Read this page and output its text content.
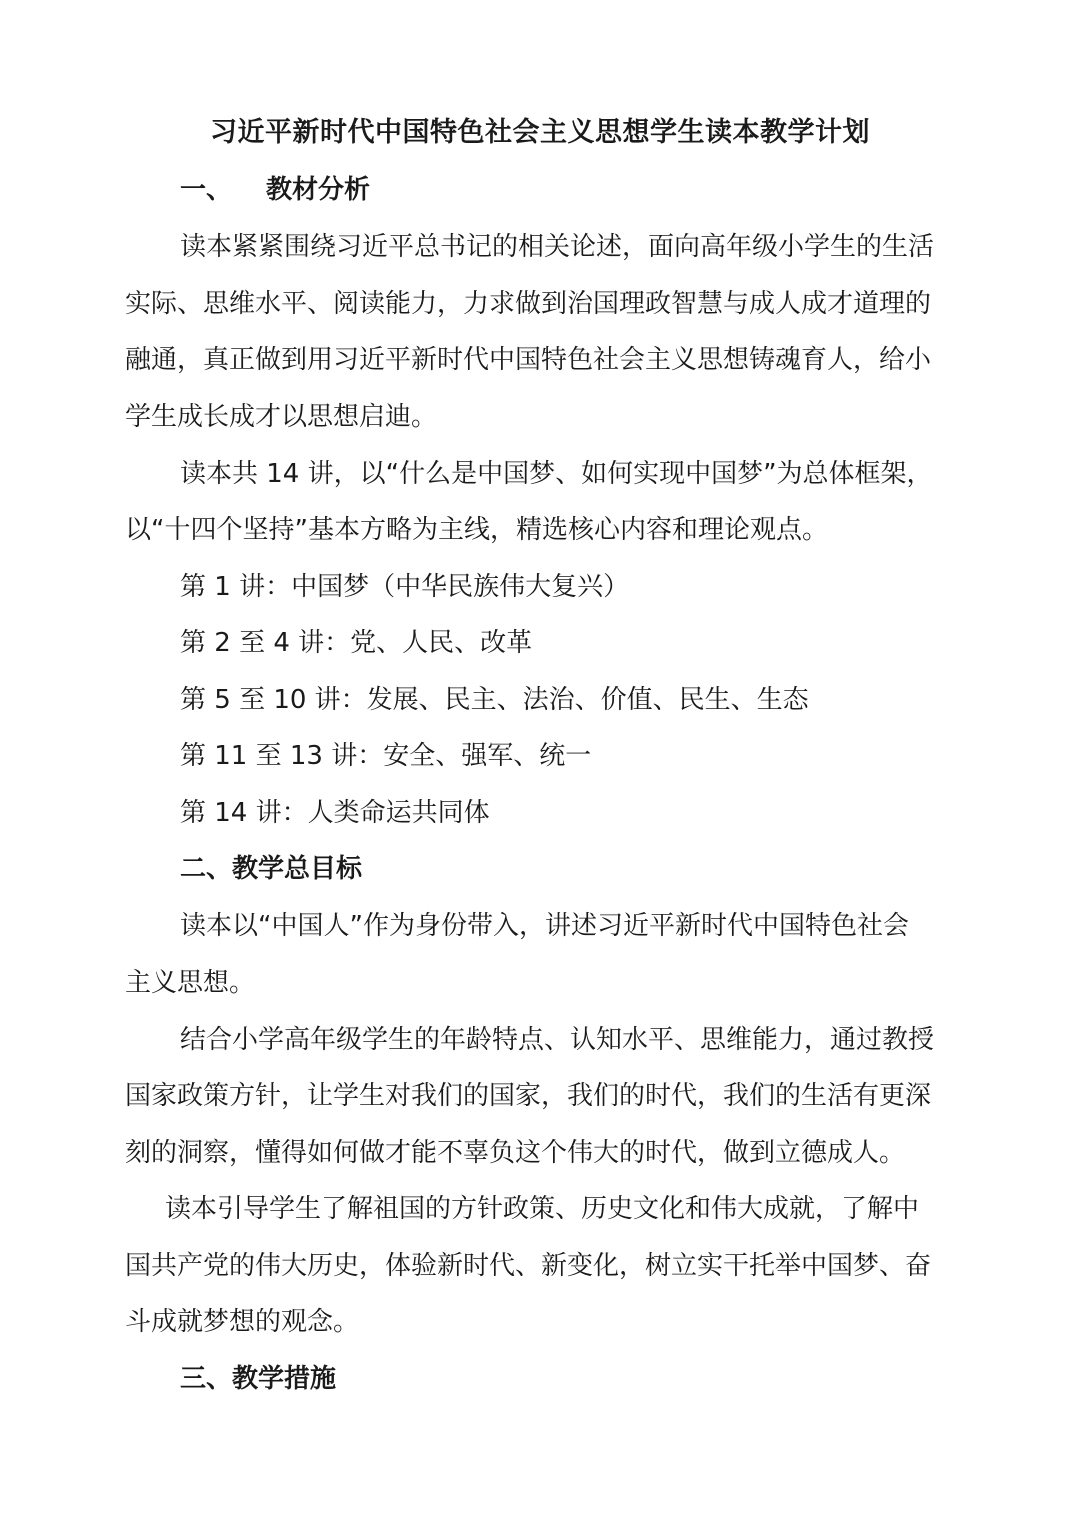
习近平新时代中国特色社会主义思想学生读本教学计划
一、 教材分析
读本紧紧围绕习近平总书记的相关论述，面向高年级小学生的生活
实际、思维水平、阅读能力，力求做到治国理政智慧与成人成才道理的
融通，真正做到用习近平新时代中国特色社会主义思想铸魂育人，给小
学生成长成才以思想启迪。
读本共 14 讲，以“什么是中国梦、如何实现中国梦”为总体框架，
以“十四个坚持”基本方略为主线，精选核心内容和理论观点。
第 1 讲：中国梦（中华民族伟大复兴）
第 2 至 4 讲：党、人民、改革
第 5 至 10 讲：发展、民主、法治、价值、民生、生态
第 11 至 13 讲：安全、强军、统一
第 14 讲：人类命运共同体
二、教学总目标
读本以“中国人”作为身份带入，讲述习近平新时代中国特色社会
主义思想。
结合小学高年级学生的年龄特点、认知水平、思维能力，通过教授
国家政策方针，让学生对我们的国家，我们的时代，我们的生活有更深
刻的洞察，懂得如何做才能不辜负这个伟大的时代，做到立德成人。
读本引导学生了解祖国的方针政策、历史文化和伟大成就，了解中
国共产党的伟大历史，体验新时代、新变化，树立实干托举中国梦、奋
斗成就梦想的观念。
三、教学措施
